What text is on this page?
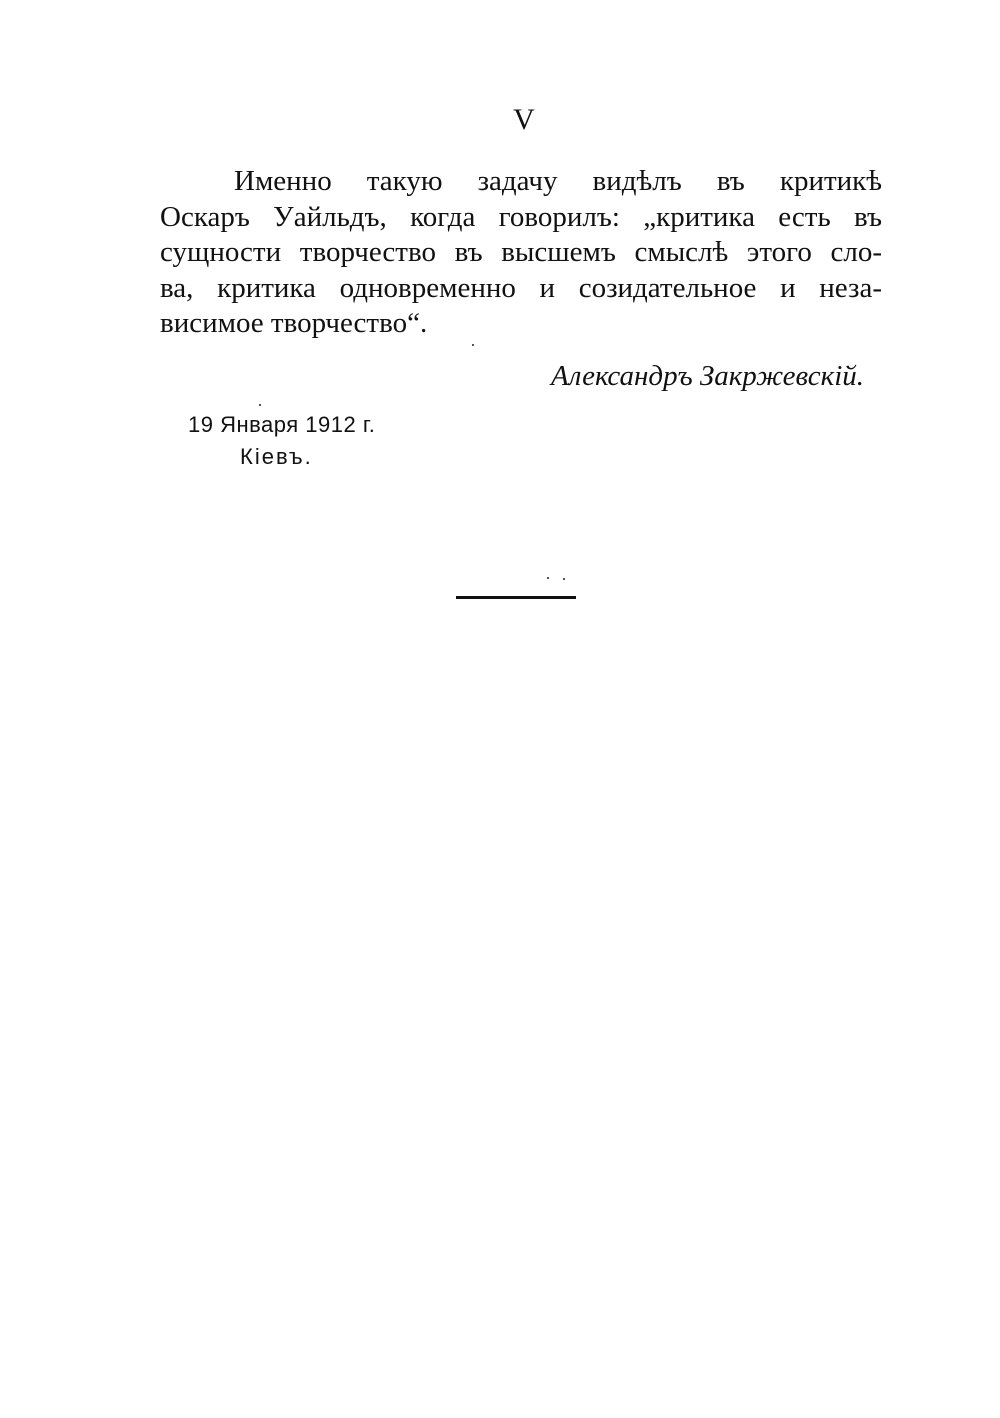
V
Именно такую задачу видѣлъ въ критикѣ
Оскаръ Уайльдъ, когда говорилъ: „критика есть въ
сущности творчество въ высшемъ смыслѣ этого сло-
ва, критика одновременно и созидательное и неза-
висимое творчество“.
Александръ Закржевскiй.
19 Января 1912 г.
Кiевъ.
